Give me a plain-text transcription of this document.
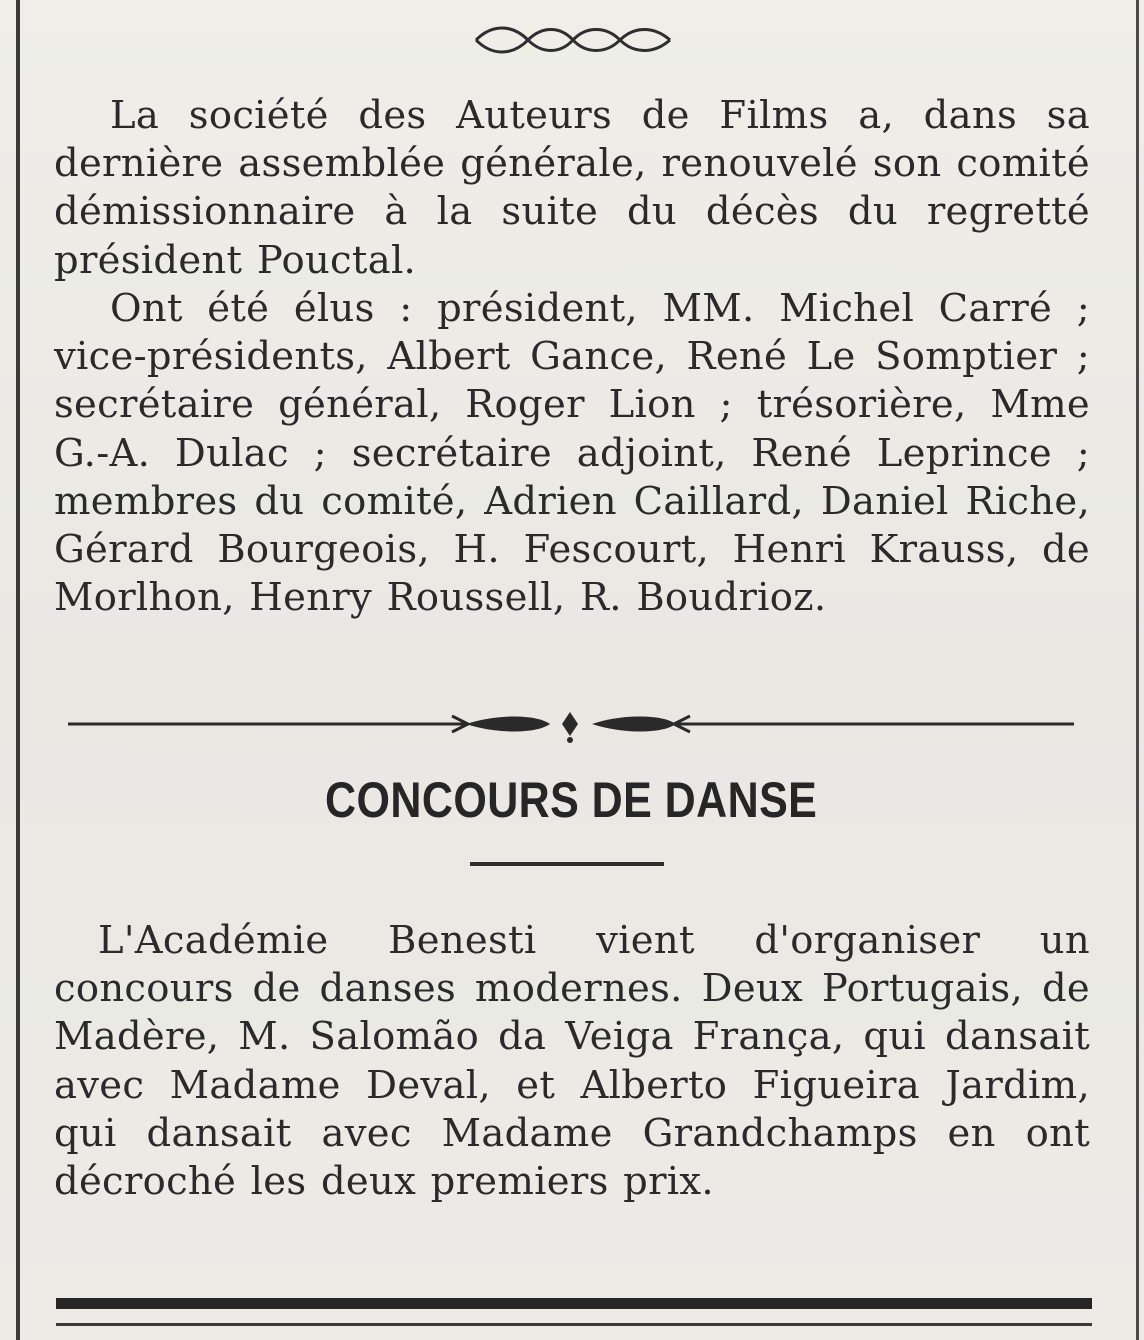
La société des Auteurs de Films a, dans sa dernière assemblée générale, renouvelé son comité démissionnaire à la suite du décès du regretté président Pouctal.

Ont été élus : président, MM. Michel Carré ; vice-présidents, Albert Gance, René Le Somptier ; secrétaire général, Roger Lion ; trésorière, Mme G.-A. Dulac ; secrétaire adjoint, René Leprince ; membres du comité, Adrien Caillard, Daniel Riche, Gérard Bourgeois, H. Fescourt, Henri Krauss, de Morlhon, Henry Roussell, R. Boudrioz.

CONCOURS DE DANSE

L'Académie Benesti vient d'organiser un concours de danses modernes. Deux Portugais, de Madère, M. Salomão da Veiga França, qui dansait avec Madame Deval, et Alberto Figueira Jardim, qui dansait avec Madame Grandchamps en ont décroché les deux premiers prix.
